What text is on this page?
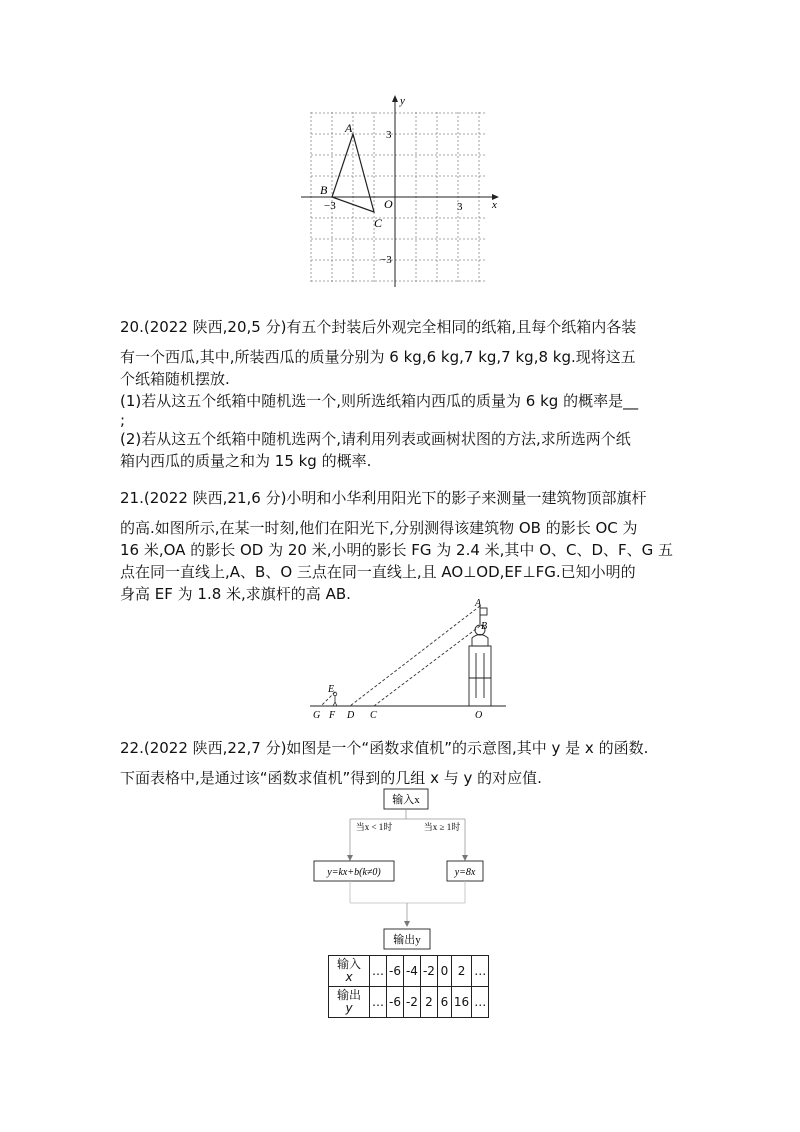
A
B
C
O	x
y
−3	3
3
−3
20.(2022 陕西,20,5 分)有五个封装后外观完全相同的纸箱,且每个纸箱内各装
有一个西瓜,其中,所装西瓜的质量分别为 6 kg,6 kg,7 kg,7 kg,8 kg.现将这五
个纸箱随机摆放.
(1)若从这五个纸箱中随机选一个,则所选纸箱内西瓜的质量为 6 kg 的概率是__
;
(2)若从这五个纸箱中随机选两个,请利用列表或画树状图的方法,求所选两个纸
箱内西瓜的质量之和为 15 kg 的概率.
21.(2022 陕西,21,6 分)小明和小华利用阳光下的影子来测量一建筑物顶部旗杆
的高.如图所示,在某一时刻,他们在阳光下,分别测得该建筑物 OB 的影长 OC 为
16 米,OA 的影长 OD 为 20 米,小明的影长 FG 为 2.4 米,其中 O、C、D、F、G 五
点在同一直线上,A、B、O 三点在同一直线上,且 AO⊥OD,EF⊥FG.已知小明的
身高 EF 为 1.8 米,求旗杆的高 AB.
A
B
E
G F D C	O
22.(2022 陕西,22,7 分)如图是一个“函数求值机”的示意图,其中 y 是 x 的函数.
下面表格中,是通过该“函数求值机”得到的几组 x 与 y 的对应值.
输入x
当x < 1时	当x ≥ 1时
y=kx+b(k≠0)	y=8x
输出y
输入
x	…	-6	-4	-2	0	2	…
输出
y	…	-6	-2	2	6	16	…
